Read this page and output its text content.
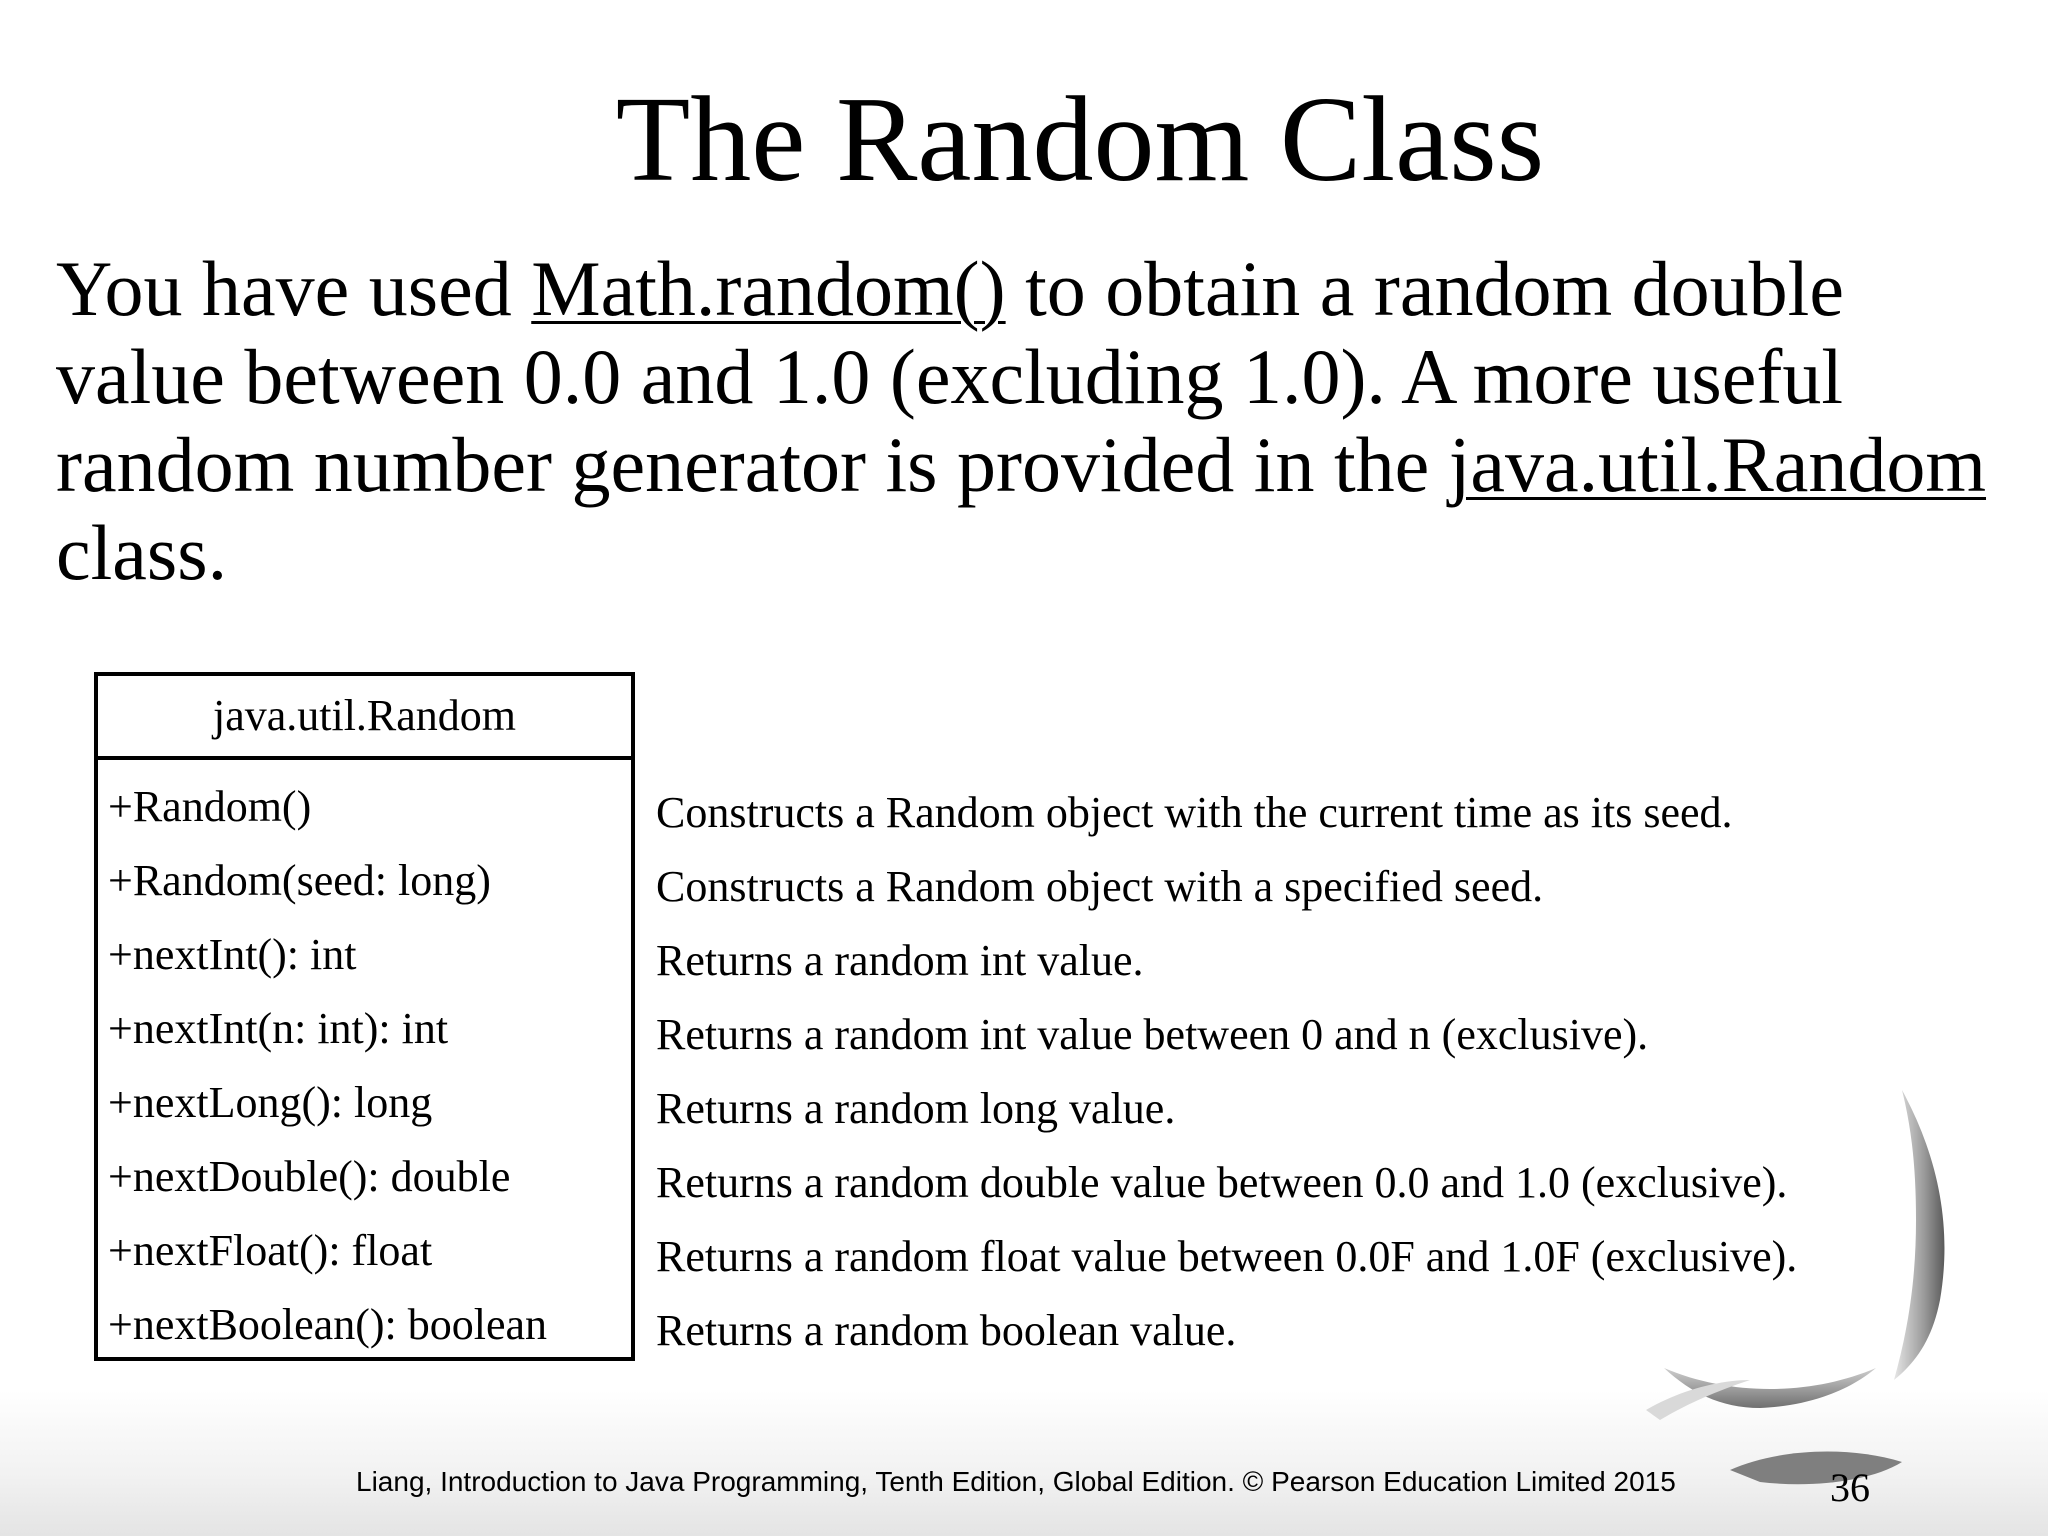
The Random Class
You have used Math.random() to obtain a random double
value between 0.0 and 1.0 (excluding 1.0). A more useful
random number generator is provided in the java.util.Random
class.
java.util.Random
+Random()
+Random(seed: long)
+nextInt(): int
+nextInt(n: int): int
+nextLong(): long
+nextDouble(): double
+nextFloat(): float
+nextBoolean(): boolean
Constructs a Random object with the current time as its seed.
Constructs a Random object with a specified seed.
Returns a random int value.
Returns a random int value between 0 and n (exclusive).
Returns a random long value.
Returns a random double value between 0.0 and 1.0 (exclusive).
Returns a random float value between 0.0F and 1.0F (exclusive).
Returns a random boolean value.
Liang, Introduction to Java Programming, Tenth Edition, Global Edition. © Pearson Education Limited 2015	36
